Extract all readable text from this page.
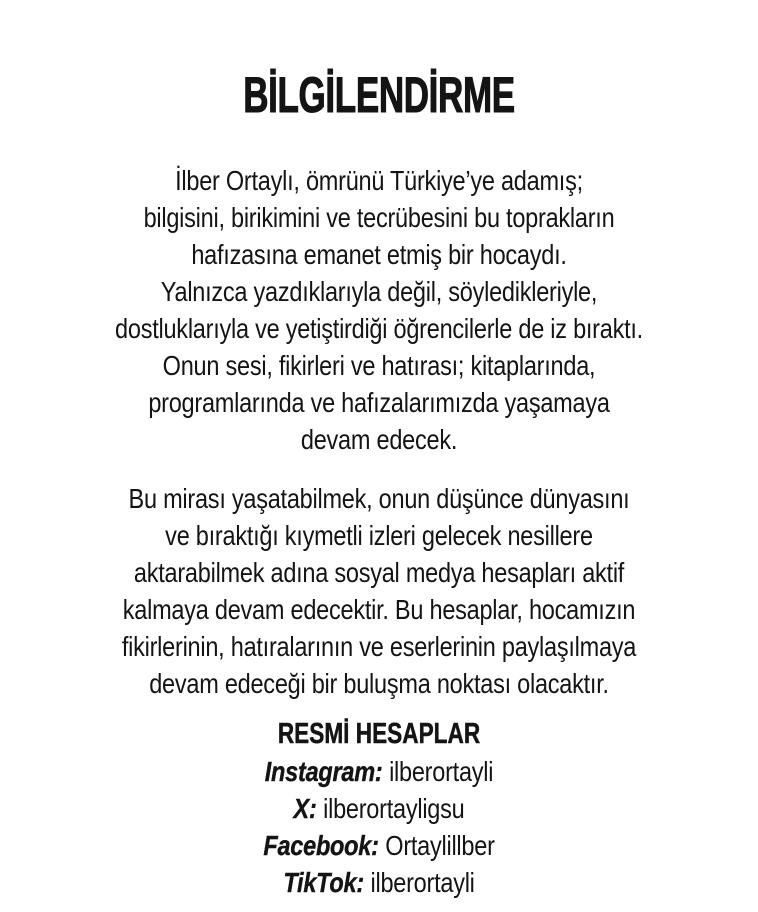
BİLGİLENDİRME
İlber Ortaylı, ömrünü Türkiye’ye adamış;
bilgisini, birikimini ve tecrübesini bu toprakların
hafızasına emanet etmiş bir hocaydı.
Yalnızca yazdıklarıyla değil, söyledikleriyle,
dostluklarıyla ve yetiştirdiği öğrencilerle de iz bıraktı.
Onun sesi, fikirleri ve hatırası; kitaplarında,
programlarında ve hafızalarımızda yaşamaya
devam edecek.
Bu mirası yaşatabilmek, onun düşünce dünyasını
ve bıraktığı kıymetli izleri gelecek nesillere
aktarabilmek adına sosyal medya hesapları aktif
kalmaya devam edecektir. Bu hesaplar, hocamızın
fikirlerinin, hatıralarının ve eserlerinin paylaşılmaya
devam edeceği bir buluşma noktası olacaktır.
RESMİ HESAPLAR
Instagram: ilberortayli
X: ilberortayligsu
Facebook: Ortaylillber
TikTok: ilberortayli
